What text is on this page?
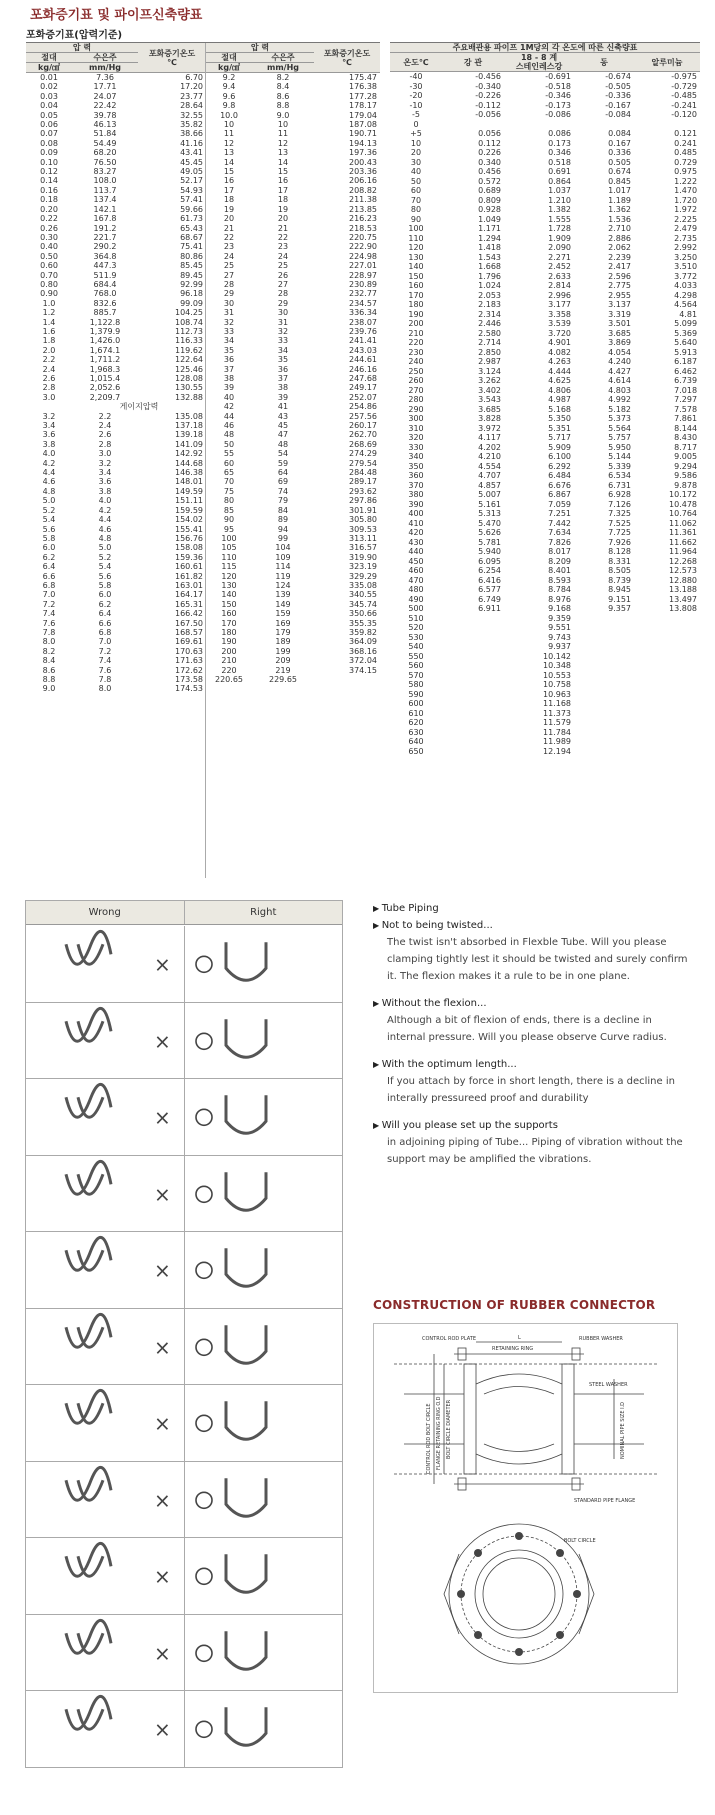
포화증기표 및 파이프신축량표
포화증기표(압력기준)
압 력		포화증기온도
℃
절대	수은주	
kg/㎠	mm/Hg	
0.01	7.36	6.70
0.02	17.71	17.20
0.03	24.07	23.77
0.04	22.42	28.64
0.05	39.78	32.55
0.06	46.13	35.82
0.07	51.84	38.66
0.08	54.49	41.16
0.09	68.20	43.41
0.10	76.50	45.45
0.12	83.27	49.05
0.14	108.0	52.17
0.16	113.7	54.93
0.18	137.4	57.41
0.20	142.1	59.66
0.22	167.8	61.73
0.26	191.2	65.43
0.30	221.7	68.67
0.40	290.2	75.41
0.50	364.8	80.86
0.60	447.3	85.45
0.70	511.9	89.45
0.80	684.4	92.99
0.90	768.0	96.18
1.0	832.6	99.09
1.2	885.7	104.25
1.4	1,122.8	108.74
1.6	1,379.9	112.73
1.8	1,426.0	116.33
2.0	1,674.1	119.62
2.2	1,711.2	122.64
2.4	1,968.3	125.46
2.6	1,015.4	128.08
2.8	2,052.6	130.55
3.0	2,209.7	132.88
	게이지압력	
3.2	2.2	135.08
3.4	2.4	137.18
3.6	2.6	139.18
3.8	2.8	141.09
4.0	3.0	142.92
4.2	3.2	144.68
4.4	3.4	146.38
4.6	3.6	148.01
4.8	3.8	149.59
5.0	4.0	151.11
5.2	4.2	159.59
5.4	4.4	154.02
5.6	4.6	155.41
5.8	4.8	156.76
6.0	5.0	158.08
6.2	5.2	159.36
6.4	5.4	160.61
6.6	5.6	161.82
6.8	5.8	163.01
7.0	6.0	164.17
7.2	6.2	165.31
7.4	6.4	166.42
7.6	6.6	167.50
7.8	6.8	168.57
8.0	7.0	169.61
8.2	7.2	170.63
8.4	7.4	171.63
8.6	7.6	172.62
8.8	7.8	173.58
9.0	8.0	174.53
압 력		포화증기온도
℃
절대	수은주	
kg/㎠	mm/Hg	
9.2	8.2	175.47
9.4	8.4	176.38
9.6	8.6	177.28
9.8	8.8	178.17
10.0	9.0	179.04
10	10	187.08
11	11	190.71
12	12	194.13
13	13	197.36
14	14	200.43
15	15	203.36
16	16	206.16
17	17	208.82
18	18	211.38
19	19	213.85
20	20	216.23
21	21	218.53
22	22	220.75
23	23	222.90
24	24	224.98
25	25	227.01
27	26	228.97
28	27	230.89
29	28	232.77
30	29	234.57
31	30	336.34
32	31	238.07
33	32	239.76
34	33	241.41
35	34	243.03
36	35	244.61
37	36	246.16
38	37	247.68
39	38	249.17
40	39	252.07
42	41	254.86
44	43	257.56
46	45	260.17
48	47	262.70
50	48	268.69
55	54	274.29
60	59	279.54
65	64	284.48
70	69	289.17
75	74	293.62
80	79	297.86
85	84	301.91
90	89	305.80
95	94	309.53
100	99	313.11
105	104	316.57
110	109	319.90
115	114	323.19
120	119	329.29
130	124	335.08
140	139	340.55
150	149	345.74
160	159	350.66
170	169	355.35
180	179	359.82
190	189	364.09
200	199	368.16
210	209	372.04
220	219	374.15
220.65	229.65	
주요배관용 파이프 1M당의 각 온도에 따른 신축량표				
온도℃	강 관	18 - 8 계
스테인레스강	동	알루미늄
-40	-0.456	-0.691	-0.674	-0.975
-30	-0.340	-0.518	-0.505	-0.729
-20	-0.226	-0.346	-0.336	-0.485
-10	-0.112	-0.173	-0.167	-0.241
-5	-0.056	-0.086	-0.084	-0.120
0				
+5	0.056	0.086	0.084	0.121
10	0.112	0.173	0.167	0.241
20	0.226	0.346	0.336	0.485
30	0.340	0.518	0.505	0.729
40	0.456	0.691	0.674	0.975
50	0.572	0.864	0.845	1.222
60	0.689	1.037	1.017	1.470
70	0.809	1.210	1.189	1.720
80	0.928	1.382	1.362	1.972
90	1.049	1.555	1.536	2.225
100	1.171	1.728	2.710	2.479
110	1.294	1.909	2.886	2.735
120	1.418	2.090	2.062	2.992
130	1.543	2.271	2.239	3.250
140	1.668	2.452	2.417	3.510
150	1.796	2.633	2.596	3.772
160	1.024	2.814	2.775	4.033
170	2.053	2.996	2.955	4.298
180	2.183	3.177	3.137	4.564
190	2.314	3.358	3.319	4.81
200	2.446	3.539	3.501	5.099
210	2.580	3.720	3.685	5.369
220	2.714	4.901	3.869	5.640
230	2.850	4.082	4.054	5.913
240	2.987	4.263	4.240	6.187
250	3.124	4.444	4.427	6.462
260	3.262	4.625	4.614	6.739
270	3.402	4.806	4.803	7.018
280	3.543	4.987	4.992	7.297
290	3.685	5.168	5.182	7.578
300	3.828	5.350	5.373	7.861
310	3.972	5.351	5.564	8.144
320	4.117	5.717	5.757	8.430
330	4.202	5.909	5.950	8.717
340	4.210	6.100	5.144	9.005
350	4.554	6.292	5.339	9.294
360	4.707	6.484	6.534	9.586
370	4.857	6.676	6.731	9.878
380	5.007	6.867	6.928	10.172
390	5.161	7.059	7.126	10.478
400	5.313	7.251	7.325	10.764
410	5.470	7.442	7.525	11.062
420	5.626	7.634	7.725	11.361
430	5.781	7.826	7.926	11.662
440	5.940	8.017	8.128	11.964
450	6.095	8.209	8.331	12.268
460	6.254	8.401	8.505	12.573
470	6.416	8.593	8.739	12.880
480	6.577	8.784	8.945	13.188
490	6.749	8.976	9.151	13.497
500	6.911	9.168	9.357	13.808
510		9.359		
520		9.551		
530		9.743		
540		9.937		
550		10.142		
560		10.348		
570		10.553		
580		10.758		
590		10.963		
600		11.168		
610		11.373		
620		11.579		
630		11.784		
640		11.989		
650		12.194		
Wrong	Right
×
×
×
×
×
×
×
×
×
×
×
▶ Tube Piping
▶ Not to being twisted...

The twist isn't absorbed in Flexble Tube. Will you please clamping tightly lest it should be twisted and surely confirm it. The flexion makes it a rule to be in one plane.

▶ Without the flexion...

Although a bit of flexion of ends, there is a decline in internal pressure. Will you please observe Curve radius.

▶ With the optimum length...

If you attach by force in short length, there is a decline in interally pressureed proof and durability

▶ Will you please set up the supports

in adjoining piping of Tube... Piping of vibration without the support may be amplified the vibrations.

CONSTRUCTION OF RUBBER CONNECTOR
CONTROL ROD PLATE
RETAINING RING
RUBBER WASHER
STEEL WASHER
STANDARD PIPE FLANGE
BOLT CIRCLE
L
CONTROL ROD BOLT CIRCLE FLANGE RETAINING RING O.D BOLT CIRCLE DIAMETER	NOMINAL PIPE SIZE I.D
